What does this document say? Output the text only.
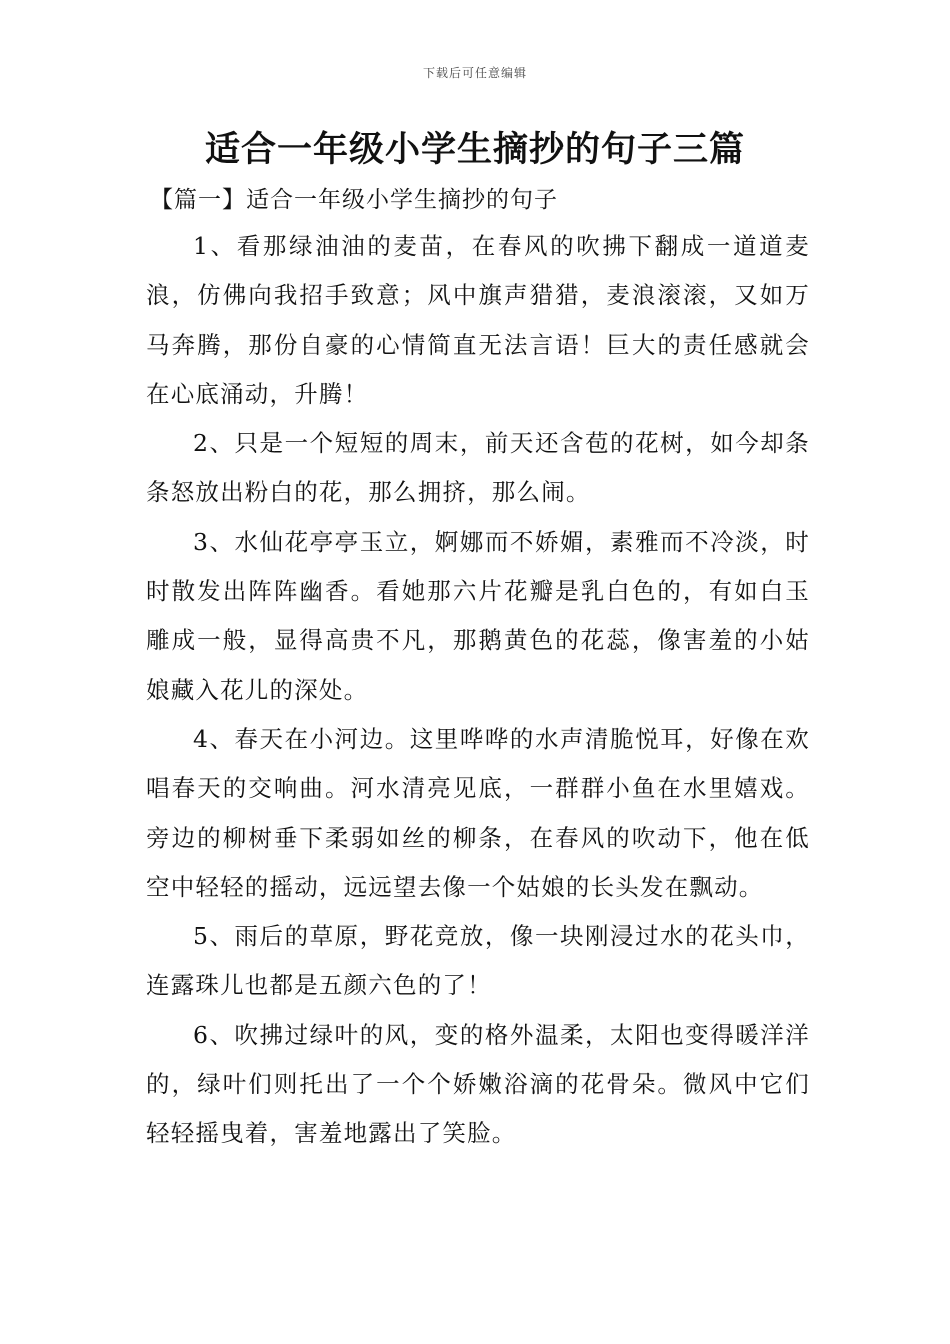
下载后可任意编辑
适合一年级小学生摘抄的句子三篇
【篇一】适合一年级小学生摘抄的句子

1、看那绿油油的麦苗，在春风的吹拂下翻成一道道麦浪，仿佛向我招手致意；风中旗声猎猎，麦浪滚滚，又如万马奔腾，那份自豪的心情简直无法言语！巨大的责任感就会在心底涌动，升腾！

2、只是一个短短的周末，前天还含苞的花树，如今却条条怒放出粉白的花，那么拥挤，那么闹。

3、水仙花亭亭玉立，婀娜而不娇媚，素雅而不冷淡，时时散发出阵阵幽香。看她那六片花瓣是乳白色的，有如白玉雕成一般，显得高贵不凡，那鹅黄色的花蕊，像害羞的小姑娘藏入花儿的深处。

4、春天在小河边。这里哗哗的水声清脆悦耳，好像在欢唱春天的交响曲。河水清亮见底，一群群小鱼在水里嬉戏。旁边的柳树垂下柔弱如丝的柳条，在春风的吹动下，他在低空中轻轻的摇动，远远望去像一个姑娘的长头发在飘动。

5、雨后的草原，野花竞放，像一块刚浸过水的花头巾，连露珠儿也都是五颜六色的了！

6、吹拂过绿叶的风，变的格外温柔，太阳也变得暖洋洋的，绿叶们则托出了一个个娇嫩浴滴的花骨朵。微风中它们轻轻摇曳着，害羞地露出了笑脸。
